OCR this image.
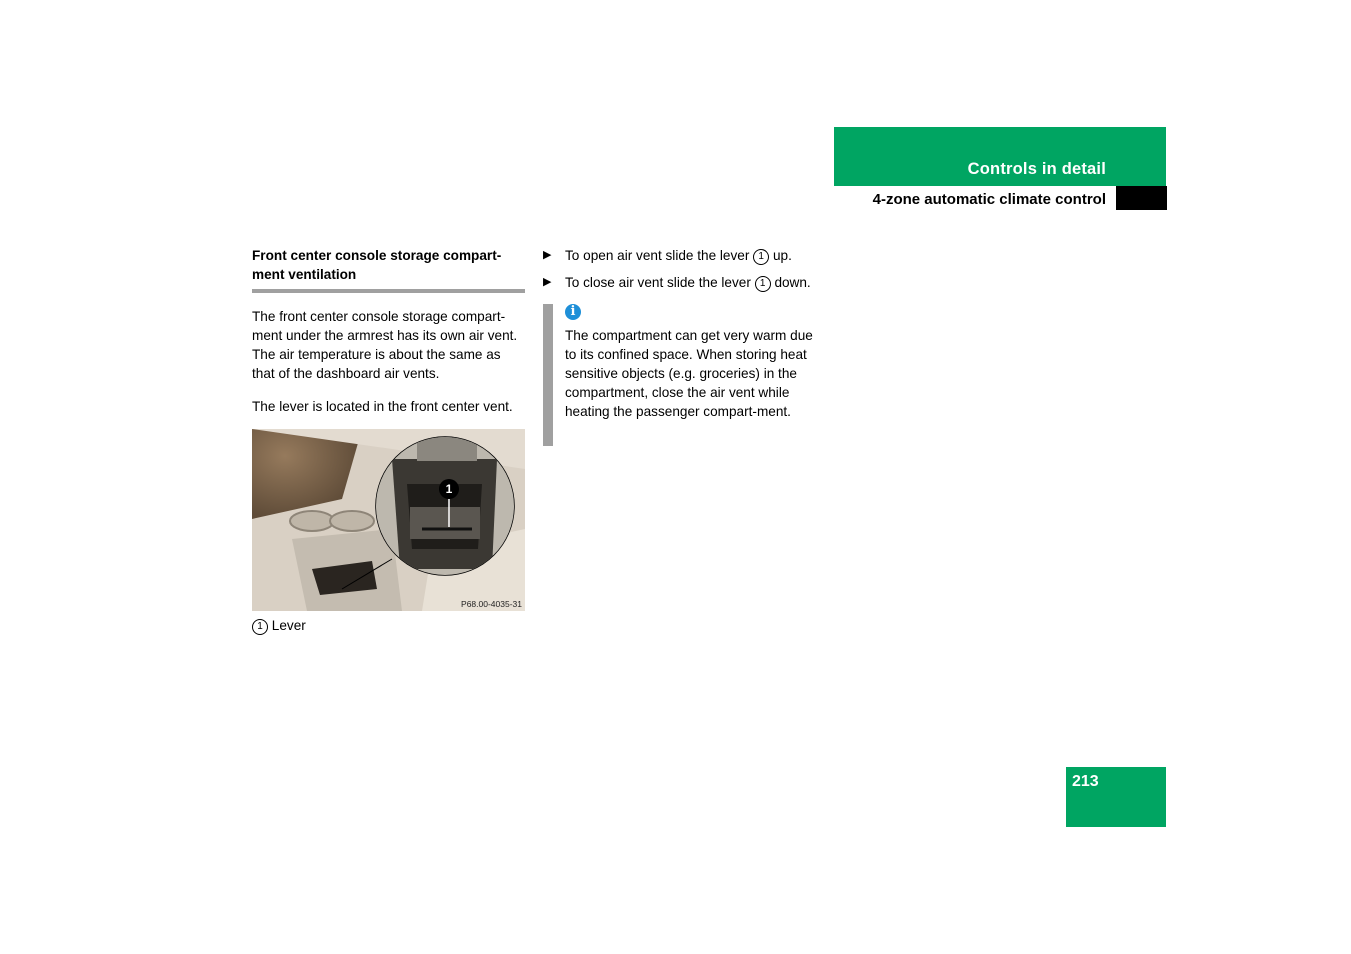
Controls in detail
4-zone automatic climate control
Front center console storage compart-ment ventilation

The front center console storage compart-ment under the armrest has its own air vent. The air temperature is about the same as that of the dashboard air vents.

The lever is located in the front center vent.

1
P68.00-4035-31
1 Lever
▶ To open air vent slide the lever 1 up.
▶ To close air vent slide the lever 1 down.
i
The compartment can get very warm due to its confined space. When storing heat sensitive objects (e.g. groceries) in the compartment, close the air vent while heating the passenger compart-ment.
213
